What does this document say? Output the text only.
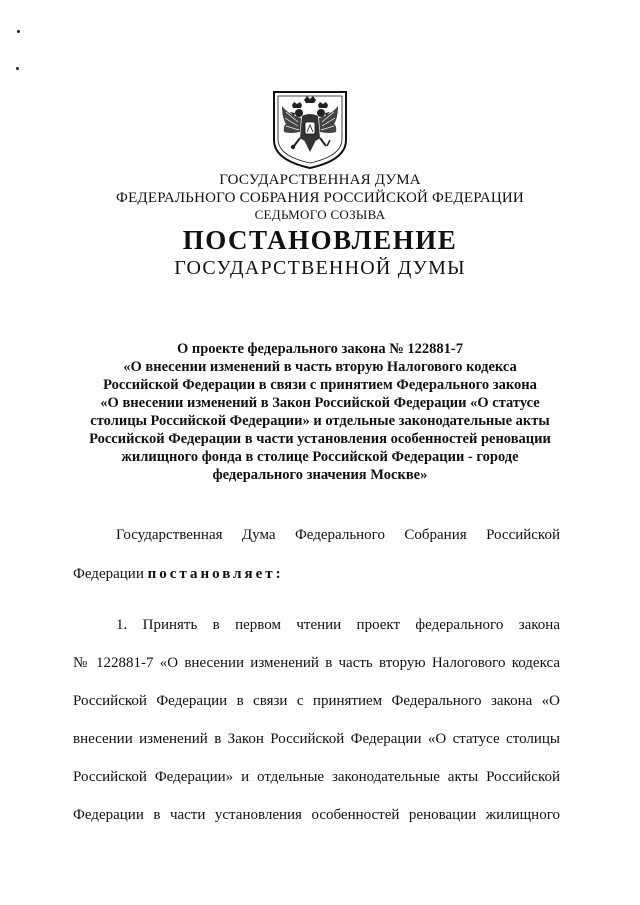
ГОСУДАРСТВЕННАЯ ДУМА
ФЕДЕРАЛЬНОГО СОБРАНИЯ РОССИЙСКОЙ ФЕДЕРАЦИИ
СЕДЬМОГО СОЗЫВА
ПОСТАНОВЛЕНИЕ
ГОСУДАРСТВЕННОЙ ДУМЫ
О проекте федерального закона № 122881-7
«О внесении изменений в часть вторую Налогового кодекса
Российской Федерации в связи с принятием Федерального закона
«О внесении изменений в Закон Российской Федерации «О статусе
столицы Российской Федерации» и отдельные законодательные акты
Российской Федерации в части установления особенностей реновации
жилищного фонда в столице Российской Федерации - городе
федерального значения Москве»
Государственная Дума Федерального Собрания Российской
Федерации постановляет:
1. Принять в первом чтении проект федерального закона
№ 122881-7 «О внесении изменений в часть вторую Налогового кодекса
Российской Федерации в связи с принятием Федерального закона «О
внесении изменений в Закон Российской Федерации «О статусе столицы
Российской Федерации» и отдельные законодательные акты Российской
Федерации в части установления особенностей реновации жилищного
